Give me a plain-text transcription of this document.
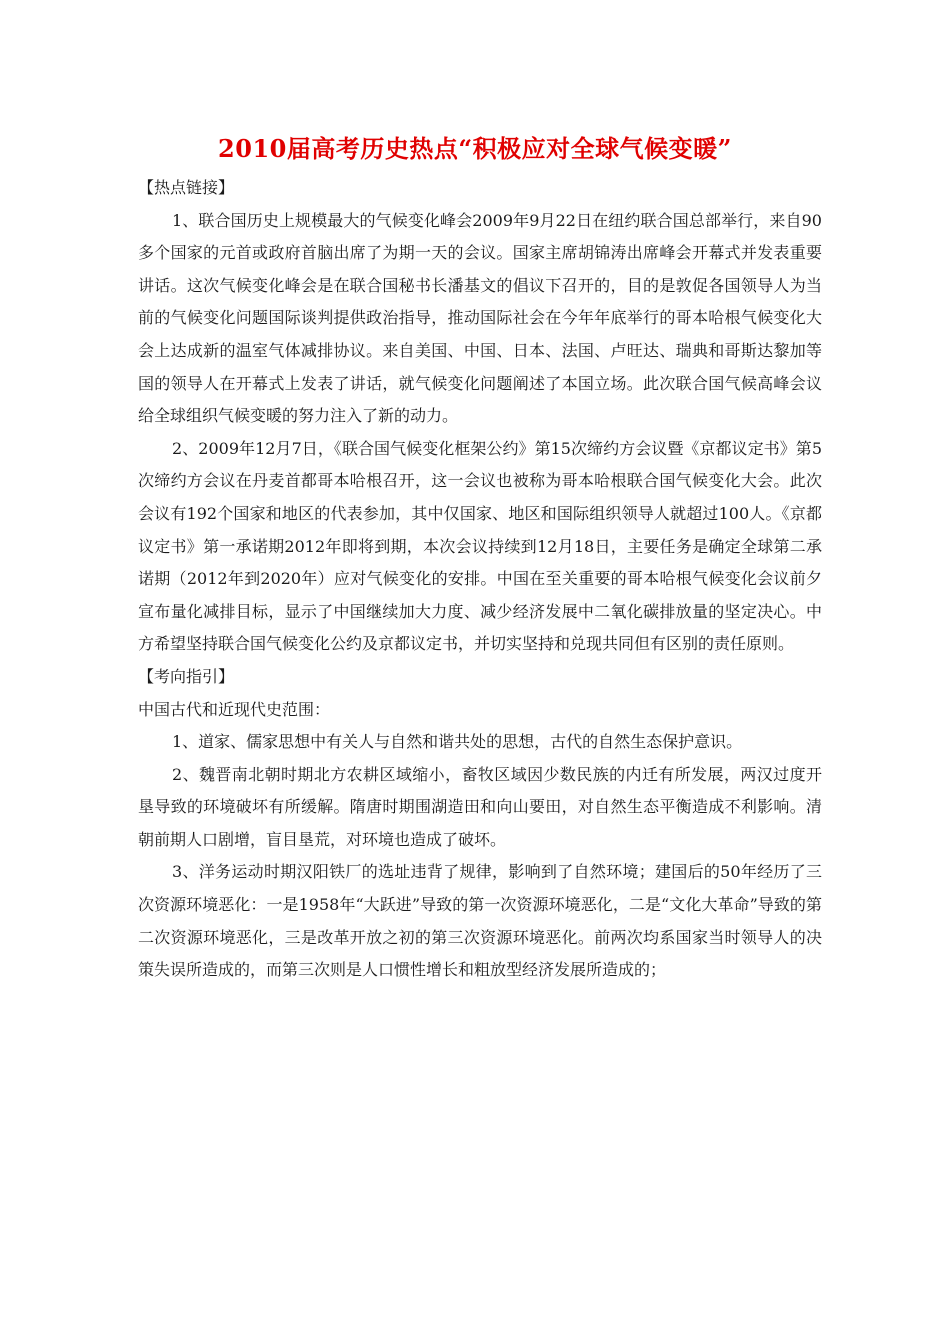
2010届高考历史热点“积极应对全球气候变暖”

【热点链接】

1、联合国历史上规模最大的气候变化峰会2009年9月22日在纽约联合国总部举行，来自90多个国家的元首或政府首脑出席了为期一天的会议。国家主席胡锦涛出席峰会开幕式并发表重要讲话。这次气候变化峰会是在联合国秘书长潘基文的倡议下召开的，目的是敦促各国领导人为当前的气候变化问题国际谈判提供政治指导，推动国际社会在今年年底举行的哥本哈根气候变化大会上达成新的温室气体减排协议。来自美国、中国、日本、法国、卢旺达、瑞典和哥斯达黎加等国的领导人在开幕式上发表了讲话，就气候变化问题阐述了本国立场。此次联合国气候高峰会议给全球组织气候变暖的努力注入了新的动力。

2、2009年12月7日，《联合国气候变化框架公约》第15次缔约方会议暨《京都议定书》第5次缔约方会议在丹麦首都哥本哈根召开，这一会议也被称为哥本哈根联合国气候变化大会。此次会议有192个国家和地区的代表参加，其中仅国家、地区和国际组织领导人就超过100人。《京都议定书》第一承诺期2012年即将到期，本次会议持续到12月18日，主要任务是确定全球第二承诺期（2012年到2020年）应对气候变化的安排。中国在至关重要的哥本哈根气候变化会议前夕宣布量化减排目标，显示了中国继续加大力度、减少经济发展中二氧化碳排放量的坚定决心。中方希望坚持联合国气候变化公约及京都议定书，并切实坚持和兑现共同但有区别的责任原则。

【考向指引】

中国古代和近现代史范围：

1、道家、儒家思想中有关人与自然和谐共处的思想，古代的自然生态保护意识。

2、魏晋南北朝时期北方农耕区域缩小，畜牧区域因少数民族的内迁有所发展，两汉过度开垦导致的环境破坏有所缓解。隋唐时期围湖造田和向山要田，对自然生态平衡造成不利影响。清朝前期人口剧增，盲目垦荒，对环境也造成了破坏。

3、洋务运动时期汉阳铁厂的选址违背了规律，影响到了自然环境；建国后的50年经历了三次资源环境恶化：一是1958年“大跃进”导致的第一次资源环境恶化，二是“文化大革命”导致的第二次资源环境恶化，三是改革开放之初的第三次资源环境恶化。前两次均系国家当时领导人的决策失误所造成的，而第三次则是人口惯性增长和粗放型经济发展所造成的；
